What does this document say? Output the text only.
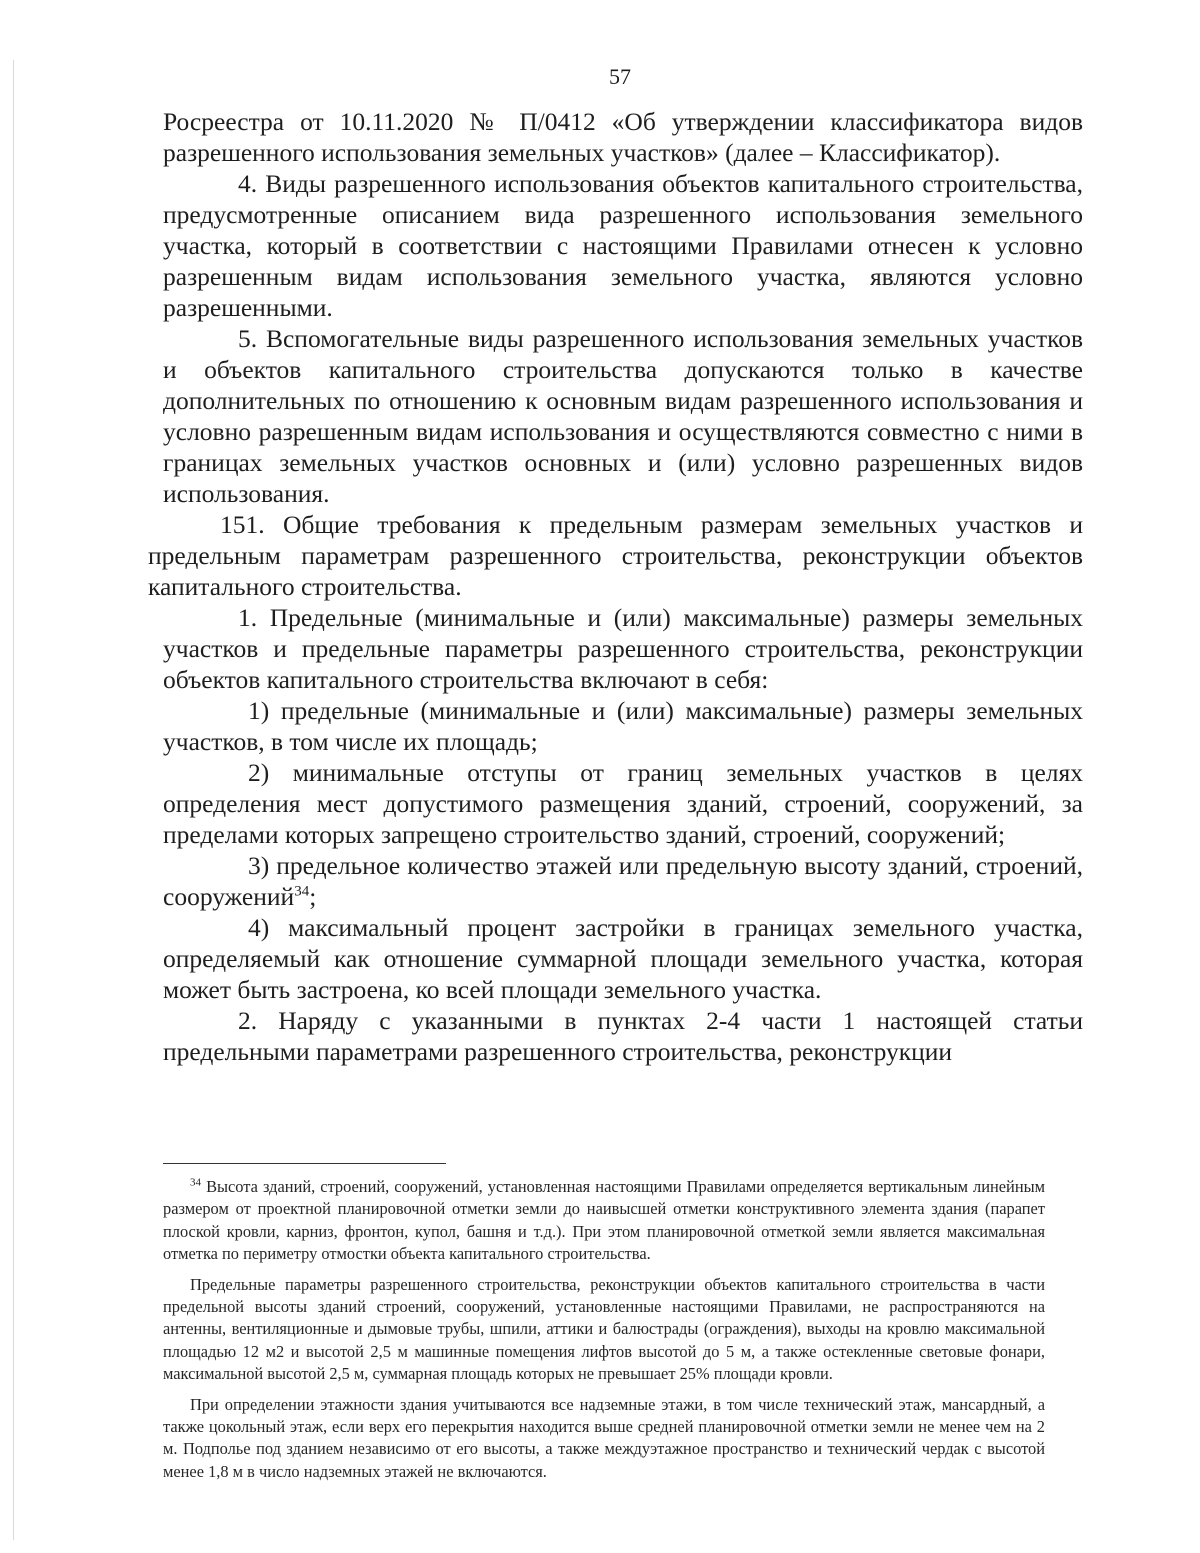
57

Росреестра от 10.11.2020 № П/0412 «Об утверждении классификатора видов разрешенного использования земельных участков» (далее – Классификатор).

4. Виды разрешенного использования объектов капитального строительства, предусмотренные описанием вида разрешенного использования земельного участка, который в соответствии с настоящими Правилами отнесен к условно разрешенным видам использования земельного участка, являются условно разрешенными.

5. Вспомогательные виды разрешенного использования земельных участков и объектов капитального строительства допускаются только в качестве дополнительных по отношению к основным видам разрешенного использования и условно разрешенным видам использования и осуществляются совместно с ними в границах земельных участков основных и (или) условно разрешенных видов использования.

151. Общие требования к предельным размерам земельных участков и предельным параметрам разрешенного строительства, реконструкции объектов капитального строительства.

1. Предельные (минимальные и (или) максимальные) размеры земельных участков и предельные параметры разрешенного строительства, реконструкции объектов капитального строительства включают в себя:

1) предельные (минимальные и (или) максимальные) размеры земельных участков, в том числе их площадь;

2) минимальные отступы от границ земельных участков в целях определения мест допустимого размещения зданий, строений, сооружений, за пределами которых запрещено строительство зданий, строений, сооружений;

3) предельное количество этажей или предельную высоту зданий, строений, сооружений$^{34}$;

4) максимальный процент застройки в границах земельного участка, определяемый как отношение суммарной площади земельного участка, которая может быть застроена, ко всей площади земельного участка.

2. Наряду с указанными в пунктах 2-4 части 1 настоящей статьи предельными параметрами разрешенного строительства, реконструкции

$^{34}$ Высота зданий, строений, сооружений, установленная настоящими Правилами определяется вертикальным линейным размером от проектной планировочной отметки земли до наивысшей отметки конструктивного элемента здания (парапет плоской кровли, карниз, фронтон, купол, башня и т.д.). При этом планировочной отметкой земли является максимальная отметка по периметру отмостки объекта капитального строительства.

Предельные параметры разрешенного строительства, реконструкции объектов капитального строительства в части предельной высоты зданий строений, сооружений, установленные настоящими Правилами, не распространяются на антенны, вентиляционные и дымовые трубы, шпили, аттики и балюстрады (ограждения), выходы на кровлю максимальной площадью 12 м2 и высотой 2,5 м машинные помещения лифтов высотой до 5 м, а также остекленные световые фонари, максимальной высотой 2,5 м, суммарная площадь которых не превышает 25% площади кровли.

При определении этажности здания учитываются все надземные этажи, в том числе технический этаж, мансардный, а также цокольный этаж, если верх его перекрытия находится выше средней планировочной отметки земли не менее чем на 2 м. Подполье под зданием независимо от его высоты, а также междуэтажное пространство и технический чердак с высотой менее 1,8 м в число надземных этажей не включаются.
